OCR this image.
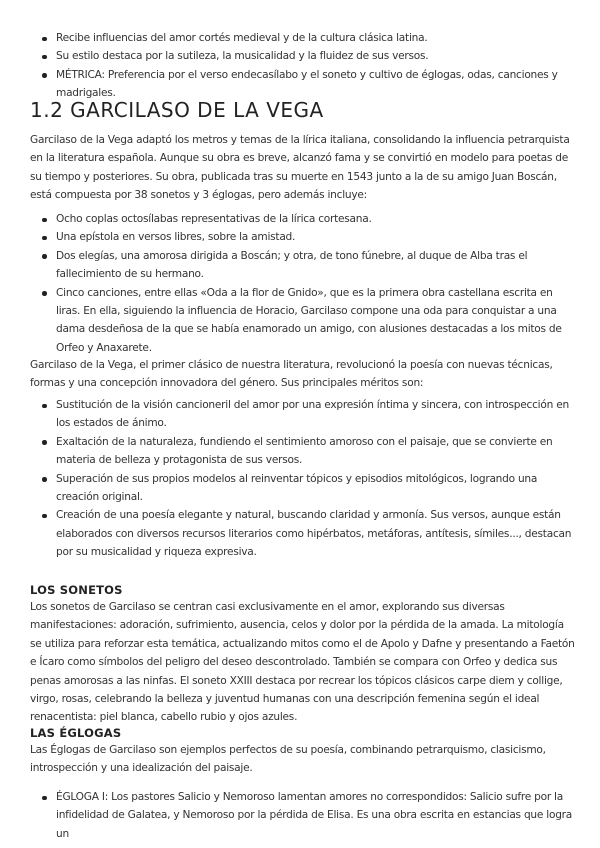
Recibe influencias del amor cortés medieval y de la cultura clásica latina.
Su estilo destaca por la sutileza, la musicalidad y la fluidez de sus versos.
MÉTRICA: Preferencia por el verso endecasílabo y el soneto y cultivo de églogas, odas, canciones y madrigales.
1.2 GARCILASO DE LA VEGA

Garcilaso de la Vega adaptó los metros y temas de la lírica italiana, consolidando la influencia petrarquista en la literatura española. Aunque su obra es breve, alcanzó fama y se convirtió en modelo para poetas de su tiempo y posteriores. Su obra, publicada tras su muerte en 1543 junto a la de su amigo Juan Boscán, está compuesta por 38 sonetos y 3 églogas, pero además incluye:

Ocho coplas octosílabas representativas de la lírica cortesana.
Una epístola en versos libres, sobre la amistad.
Dos elegías, una amorosa dirigida a Boscán; y otra, de tono fúnebre, al duque de Alba tras el fallecimiento de su hermano.
Cinco canciones, entre ellas «Oda a la flor de Gnido», que es la primera obra castellana escrita en liras. En ella, siguiendo la influencia de Horacio, Garcilaso compone una oda para conquistar a una dama desdeñosa de la que se había enamorado un amigo, con alusiones destacadas a los mitos de Orfeo y Anaxarete.

Garcilaso de la Vega, el primer clásico de nuestra literatura, revolucionó la poesía con nuevas técnicas, formas y una concepción innovadora del género. Sus principales méritos son:

Sustitución de la visión cancioneril del amor por una expresión íntima y sincera, con introspección en los estados de ánimo.
Exaltación de la naturaleza, fundiendo el sentimiento amoroso con el paisaje, que se convierte en materia de belleza y protagonista de sus versos.
Superación de sus propios modelos al reinventar tópicos y episodios mitológicos, logrando una creación original.
Creación de una poesía elegante y natural, buscando claridad y armonía. Sus versos, aunque están elaborados con diversos recursos literarios como hipérbatos, metáforas, antítesis, símiles..., destacan por su musicalidad y riqueza expresiva.
LOS SONETOS

Los sonetos de Garcilaso se centran casi exclusivamente en el amor, explorando sus diversas manifestaciones: adoración, sufrimiento, ausencia, celos y dolor por la pérdida de la amada. La mitología se utiliza para reforzar esta temática, actualizando mitos como el de Apolo y Dafne y presentando a Faetón e Ícaro como símbolos del peligro del deseo descontrolado. También se compara con Orfeo y dedica sus penas amorosas a las ninfas. El soneto XXIII destaca por recrear los tópicos clásicos carpe diem y collige, virgo, rosas, celebrando la belleza y juventud humanas con una descripción femenina según el ideal renacentista: piel blanca, cabello rubio y ojos azules.

LAS ÉGLOGAS

Las Églogas de Garcilaso son ejemplos perfectos de su poesía, combinando petrarquismo, clasicismo, introspección y una idealización del paisaje.

ÉGLOGA I: Los pastores Salicio y Nemoroso lamentan amores no correspondidos: Salicio sufre por la infidelidad de Galatea, y Nemoroso por la pérdida de Elisa. Es una obra escrita en estancias que logra un
